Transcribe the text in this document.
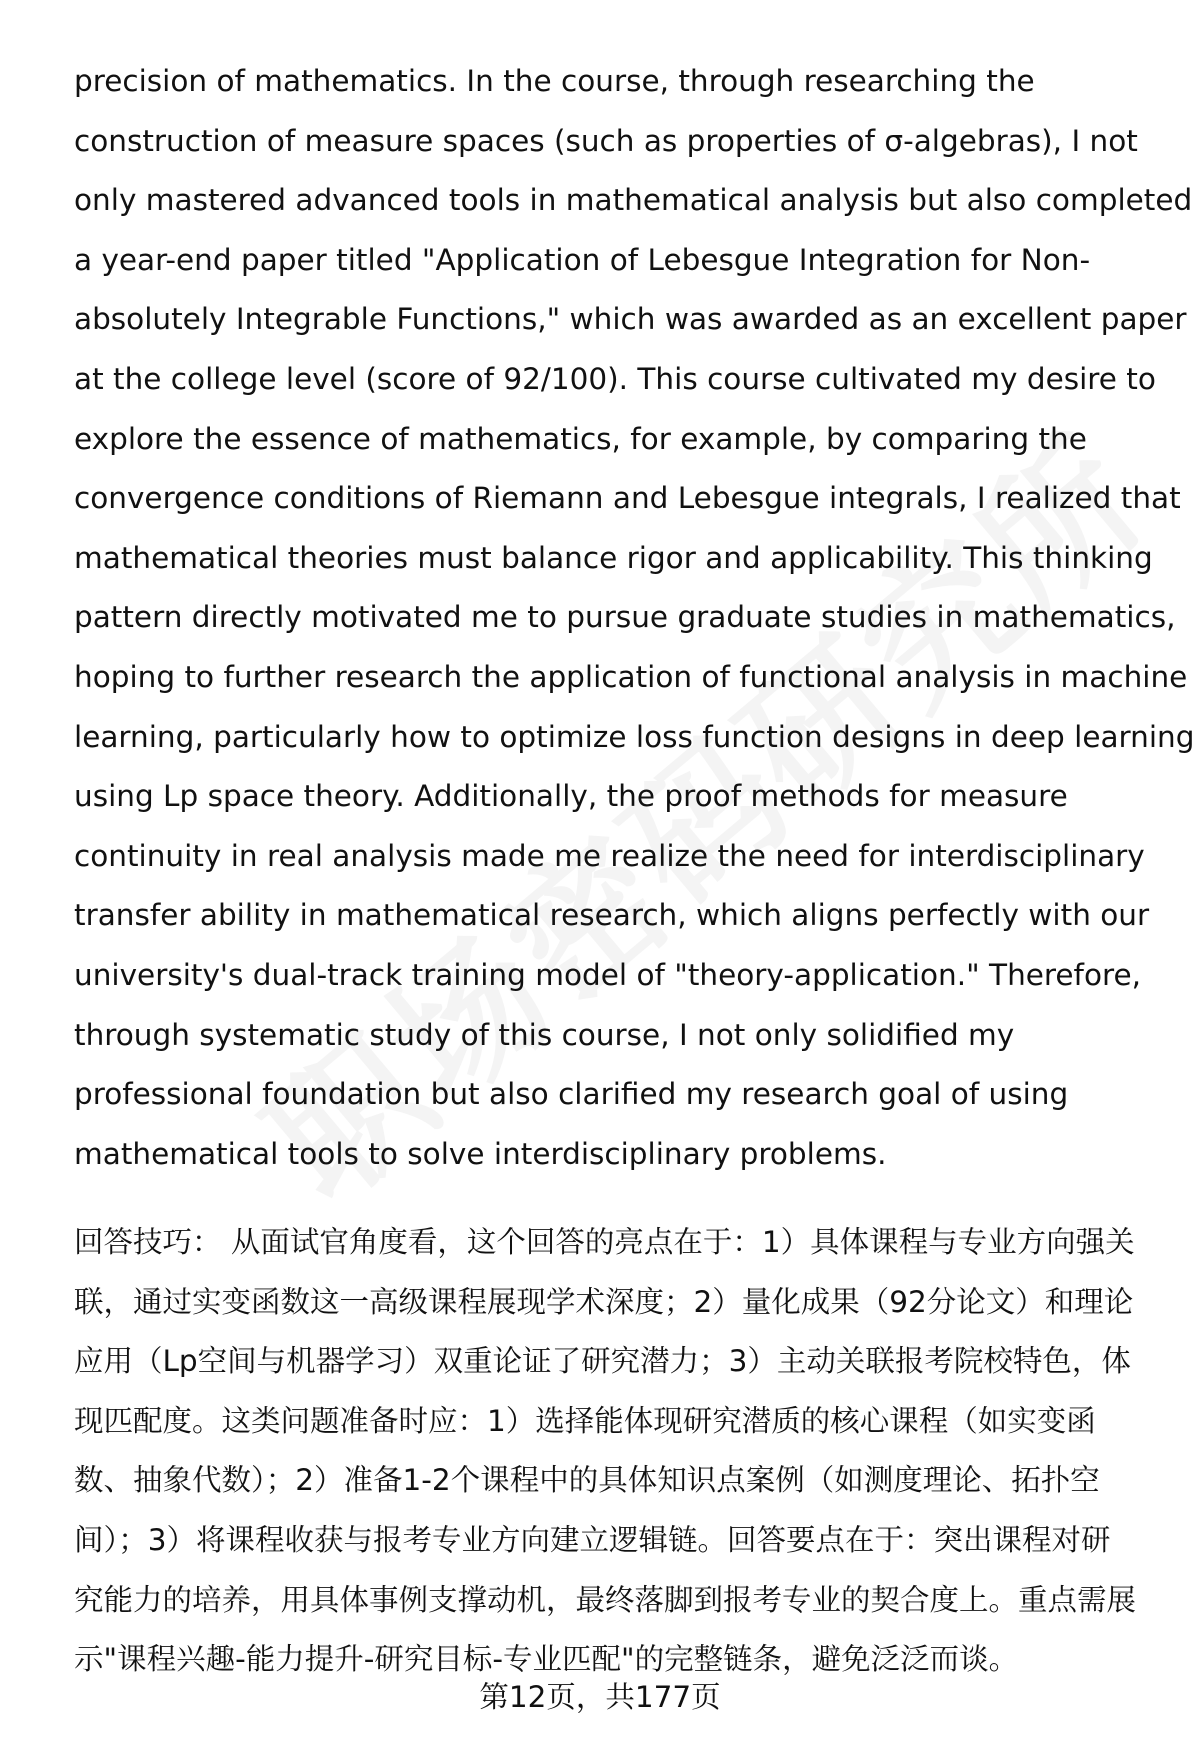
precision of mathematics. In the course, through researching the
construction of measure spaces (such as properties of σ-algebras), I not
only mastered advanced tools in mathematical analysis but also completed
a year-end paper titled "Application of Lebesgue Integration for Non-
absolutely Integrable Functions," which was awarded as an excellent paper
at the college level (score of 92/100). This course cultivated my desire to
explore the essence of mathematics, for example, by comparing the
convergence conditions of Riemann and Lebesgue integrals, I realized that
mathematical theories must balance rigor and applicability. This thinking
pattern directly motivated me to pursue graduate studies in mathematics,
hoping to further research the application of functional analysis in machine
learning, particularly how to optimize loss function designs in deep learning
using Lp space theory. Additionally, the proof methods for measure
continuity in real analysis made me realize the need for interdisciplinary
transfer ability in mathematical research, which aligns perfectly with our
university's dual-track training model of "theory-application." Therefore,
through systematic study of this course, I not only solidified my
professional foundation but also clarified my research goal of using
mathematical tools to solve interdisciplinary problems.
回答技巧： 从面试官角度看，这个回答的亮点在于：1）具体课程与专业方向强关
联，通过实变函数这一高级课程展现学术深度；2）量化成果（92分论文）和理论
应用（Lp空间与机器学习）双重论证了研究潜力；3）主动关联报考院校特色，体
现匹配度。这类问题准备时应：1）选择能体现研究潜质的核心课程（如实变函
数、抽象代数）；2）准备1-2个课程中的具体知识点案例（如测度理论、拓扑空
间）；3）将课程收获与报考专业方向建立逻辑链。回答要点在于：突出课程对研
究能力的培养，用具体事例支撑动机，最终落脚到报考专业的契合度上。重点需展
示"课程兴趣-能力提升-研究目标-专业匹配"的完整链条，避免泛泛而谈。
第12页，共177页
